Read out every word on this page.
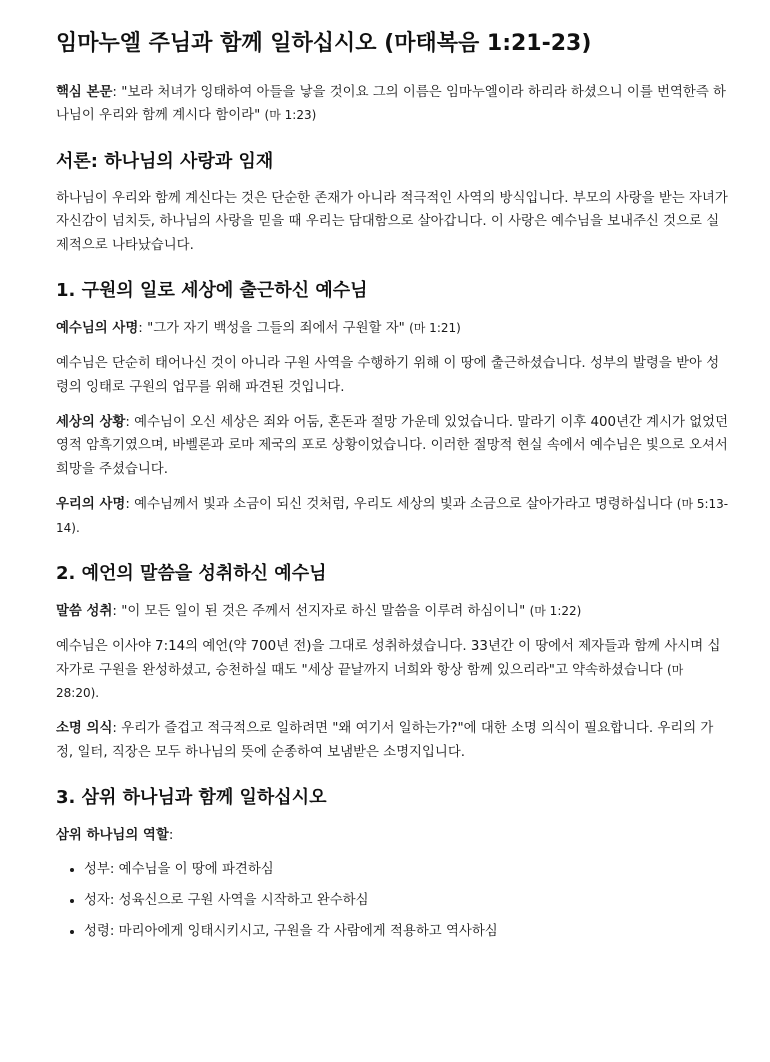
임마누엘 주님과 함께 일하십시오 (마태복음 1:21-23)

핵심 본문: "보라 처녀가 잉태하여 아들을 낳을 것이요 그의 이름은 임마누엘이라 하리라 하셨으니 이를 번역한즉 하나님이 우리와 함께 계시다 함이라" (마 1:23)

서론: 하나님의 사랑과 임재

하나님이 우리와 함께 계신다는 것은 단순한 존재가 아니라 적극적인 사역의 방식입니다. 부모의 사랑을 받는 자녀가 자신감이 넘치듯, 하나님의 사랑을 믿을 때 우리는 담대함으로 살아갑니다. 이 사랑은 예수님을 보내주신 것으로 실제적으로 나타났습니다.

1. 구원의 일로 세상에 출근하신 예수님

예수님의 사명: "그가 자기 백성을 그들의 죄에서 구원할 자" (마 1:21)

예수님은 단순히 태어나신 것이 아니라 구원 사역을 수행하기 위해 이 땅에 출근하셨습니다. 성부의 발령을 받아 성령의 잉태로 구원의 업무를 위해 파견된 것입니다.

세상의 상황: 예수님이 오신 세상은 죄와 어둠, 혼돈과 절망 가운데 있었습니다. 말라기 이후 400년간 계시가 없었던 영적 암흑기였으며, 바벨론과 로마 제국의 포로 상황이었습니다. 이러한 절망적 현실 속에서 예수님은 빛으로 오셔서 희망을 주셨습니다.

우리의 사명: 예수님께서 빛과 소금이 되신 것처럼, 우리도 세상의 빛과 소금으로 살아가라고 명령하십니다 (마 5:13-14).

2. 예언의 말씀을 성취하신 예수님

말씀 성취: "이 모든 일이 된 것은 주께서 선지자로 하신 말씀을 이루려 하심이니" (마 1:22)

예수님은 이사야 7:14의 예언(약 700년 전)을 그대로 성취하셨습니다. 33년간 이 땅에서 제자들과 함께 사시며 십자가로 구원을 완성하셨고, 승천하실 때도 "세상 끝날까지 너희와 항상 함께 있으리라"고 약속하셨습니다 (마 28:20).

소명 의식: 우리가 즐겁고 적극적으로 일하려면 "왜 여기서 일하는가?"에 대한 소명 의식이 필요합니다. 우리의 가정, 일터, 직장은 모두 하나님의 뜻에 순종하여 보냄받은 소명지입니다.

3. 삼위 하나님과 함께 일하십시오

삼위 하나님의 역할:

• 성부: 예수님을 이 땅에 파견하심
• 성자: 성육신으로 구원 사역을 시작하고 완수하심
• 성령: 마리아에게 잉태시키시고, 구원을 각 사람에게 적용하고 역사하심
